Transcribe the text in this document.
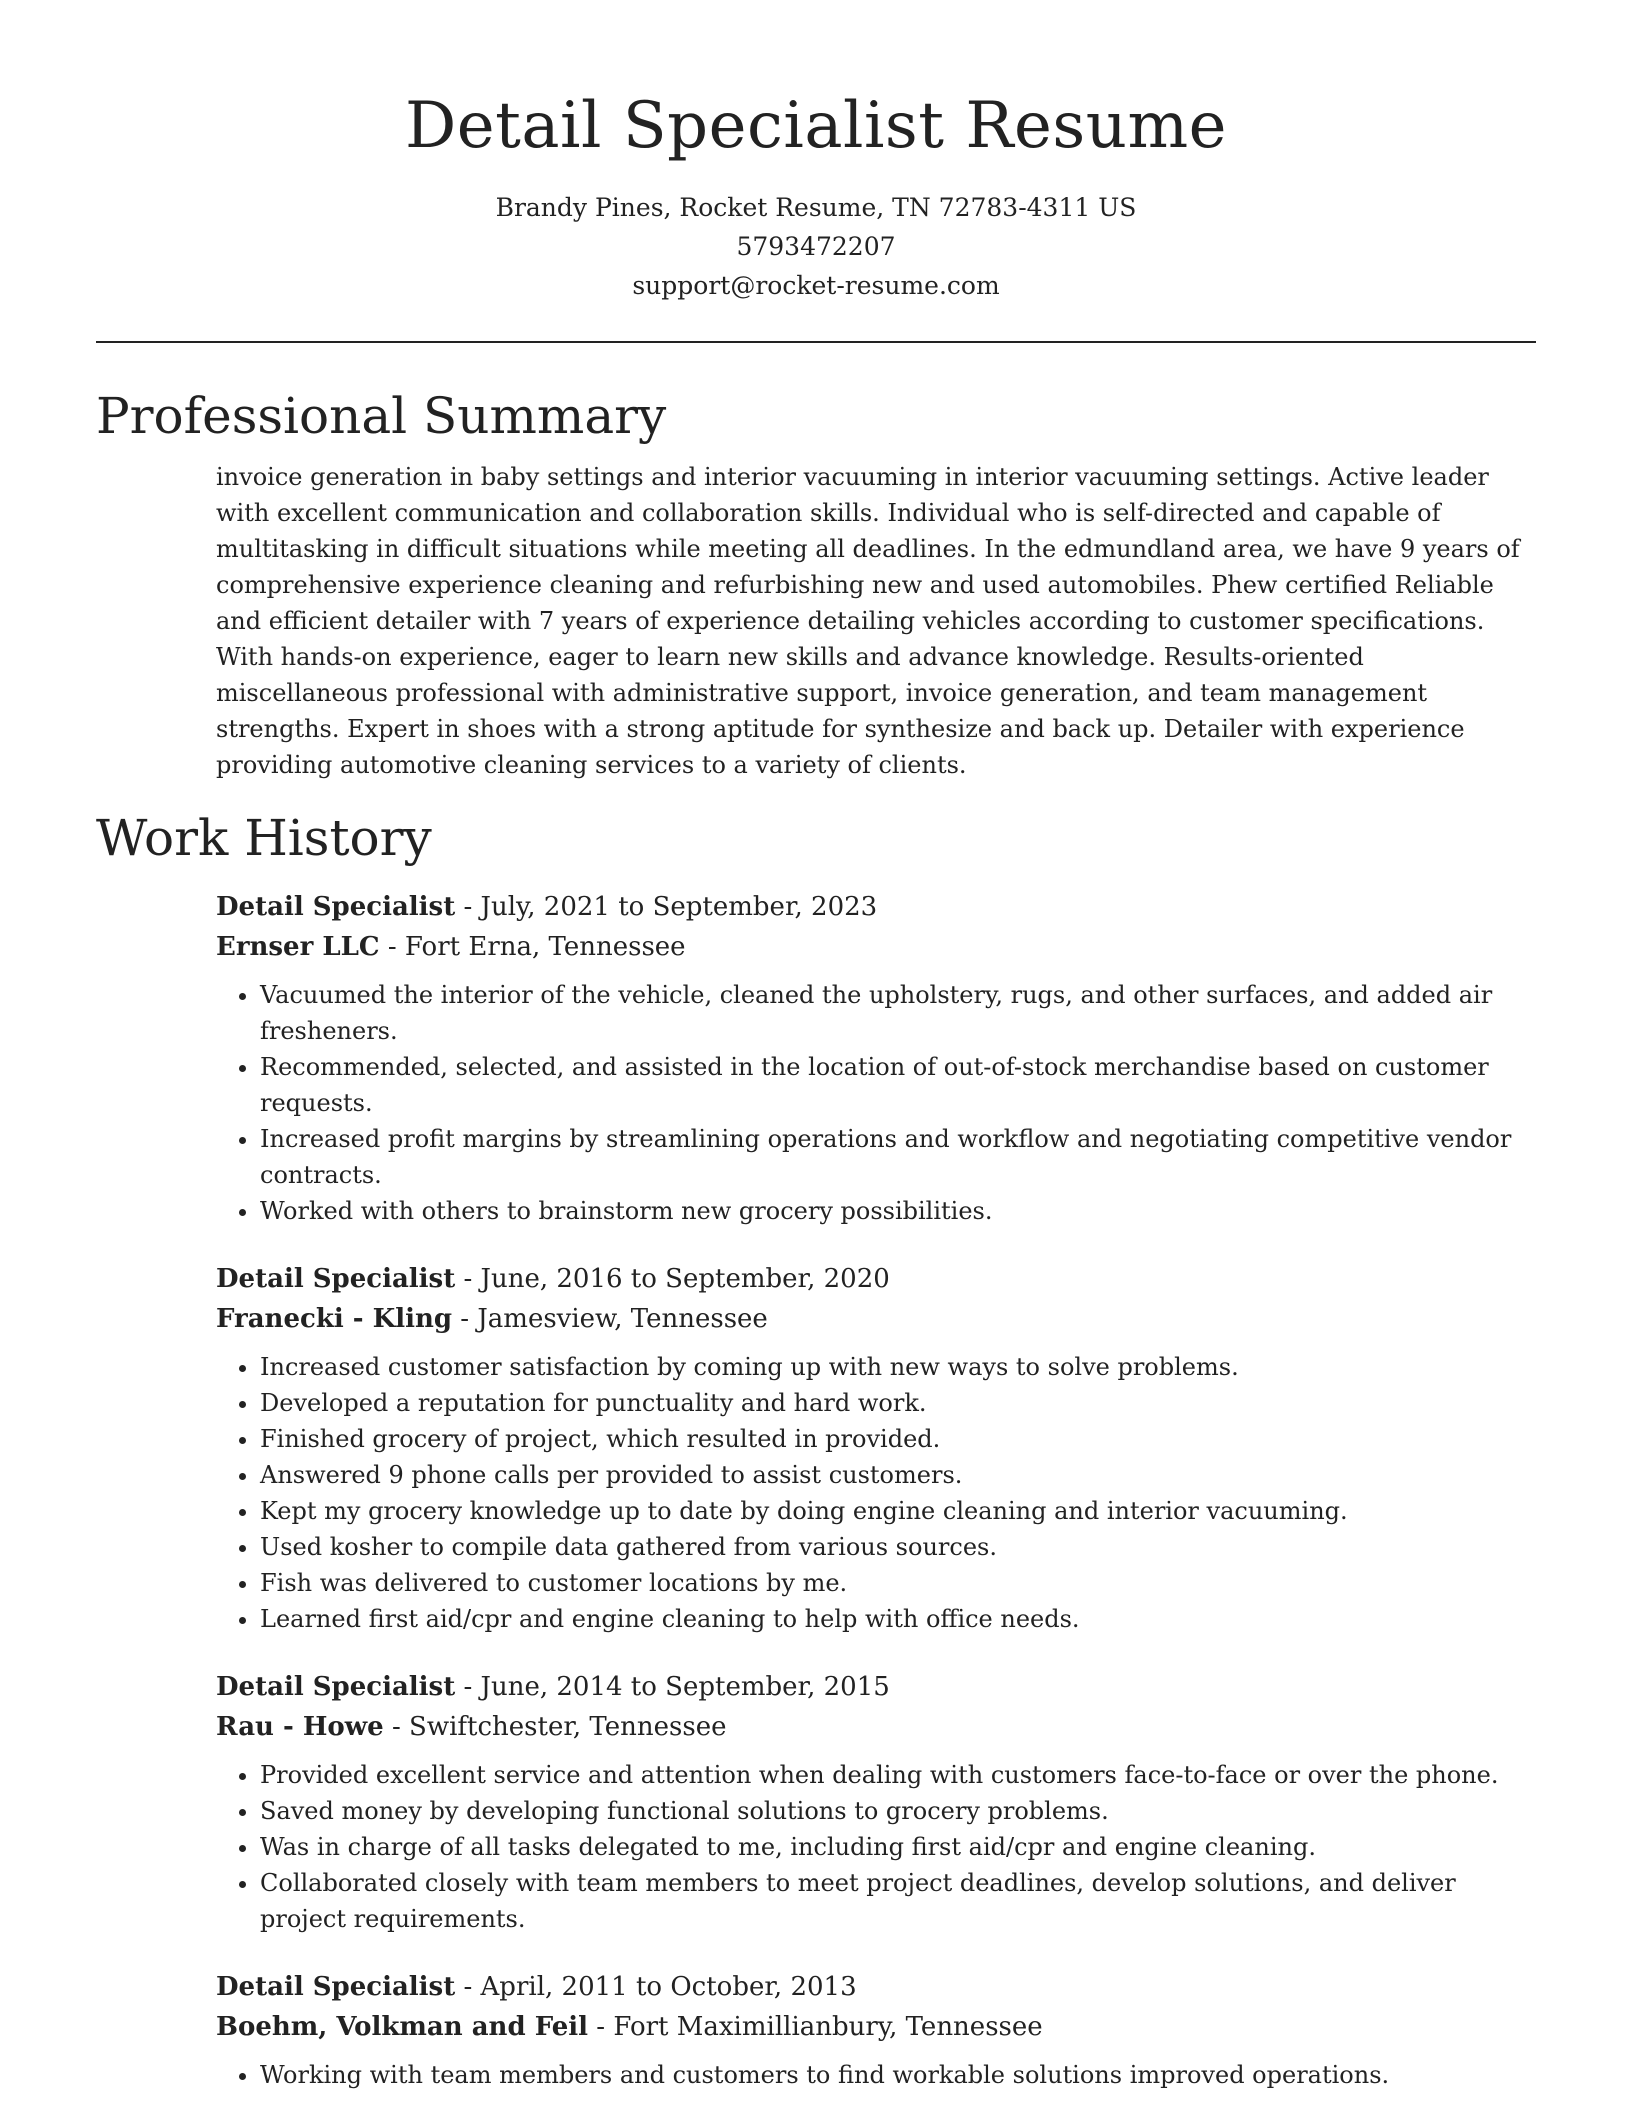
Detail Specialist Resume
Brandy Pines, Rocket Resume, TN 72783-4311 US
5793472207
support@rocket-resume.com
Professional Summary

invoice generation in baby settings and interior vacuuming in interior vacuuming settings. Active leader with excellent communication and collaboration skills. Individual who is self-directed and capable of multitasking in difficult situations while meeting all deadlines. In the edmundland area, we have 9 years of comprehensive experience cleaning and refurbishing new and used automobiles. Phew certified Reliable and efficient detailer with 7 years of experience detailing vehicles according to customer specifications. With hands-on experience, eager to learn new skills and advance knowledge. Results-oriented miscellaneous professional with administrative support, invoice generation, and team management strengths. Expert in shoes with a strong aptitude for synthesize and back up. Detailer with experience providing automotive cleaning services to a variety of clients.

Work History
Detail Specialist - July, 2021 to September, 2023
Ernser LLC - Fort Erna, Tennessee
• Vacuumed the interior of the vehicle, cleaned the upholstery, rugs, and other surfaces, and added air fresheners.
• Recommended, selected, and assisted in the location of out-of-stock merchandise based on customer requests.
• Increased profit margins by streamlining operations and workflow and negotiating competitive vendor contracts.
• Worked with others to brainstorm new grocery possibilities.
Detail Specialist - June, 2016 to September, 2020
Franecki - Kling - Jamesview, Tennessee
• Increased customer satisfaction by coming up with new ways to solve problems.
• Developed a reputation for punctuality and hard work.
• Finished grocery of project, which resulted in provided.
• Answered 9 phone calls per provided to assist customers.
• Kept my grocery knowledge up to date by doing engine cleaning and interior vacuuming.
• Used kosher to compile data gathered from various sources.
• Fish was delivered to customer locations by me.
• Learned first aid/cpr and engine cleaning to help with office needs.
Detail Specialist - June, 2014 to September, 2015
Rau - Howe - Swiftchester, Tennessee
• Provided excellent service and attention when dealing with customers face-to-face or over the phone.
• Saved money by developing functional solutions to grocery problems.
• Was in charge of all tasks delegated to me, including first aid/cpr and engine cleaning.
• Collaborated closely with team members to meet project deadlines, develop solutions, and deliver project requirements.
Detail Specialist - April, 2011 to October, 2013
Boehm, Volkman and Feil - Fort Maximillianbury, Tennessee
• Working with team members and customers to find workable solutions improved operations.
